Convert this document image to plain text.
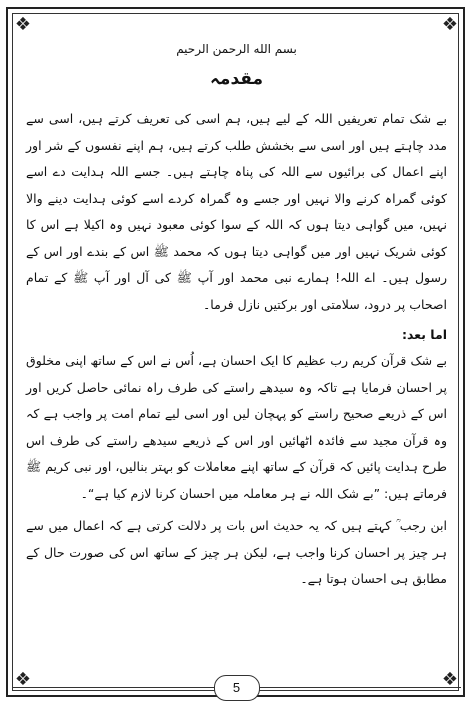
❖	❖
❖	❖

بسم الله الرحمن الرحیم

مقدمہ

بے شک تمام تعریفیں اللہ کے لیے ہیں، ہم اسی کی تعریف کرتے ہیں، اسی سے مدد چاہتے ہیں اور اسی سے بخشش طلب کرتے ہیں، ہم اپنے نفسوں کے شر اور اپنے اعمال کی برائیوں سے اللہ کی پناہ چاہتے ہیں۔ جسے اللہ ہدایت دے اسے کوئی گمراہ کرنے والا نہیں اور جسے وہ گمراہ کردے اسے کوئی ہدایت دینے والا نہیں، میں گواہی دیتا ہوں کہ اللہ کے سوا کوئی معبود نہیں وہ اکیلا ہے اس کا کوئی شریک نہیں اور میں گواہی دیتا ہوں کہ محمد ﷺ اس کے بندے اور اس کے رسول ہیں۔ اے اللہ! ہمارے نبی محمد اور آپ ﷺ کی آل اور آپ ﷺ کے تمام اصحاب پر درود، سلامتی اور برکتیں نازل فرما۔

اما بعد:

بے شک قرآن کریم رب عظیم کا ایک احسان ہے، اُس نے اس کے ساتھ اپنی مخلوق پر احسان فرمایا ہے تاکہ وہ سیدھے راستے کی طرف راہ نمائی حاصل کریں اور اس کے ذریعے صحیح راستے کو پہچان لیں اور اسی لیے تمام امت پر واجب ہے کہ وہ قرآن مجید سے فائدہ اٹھائیں اور اس کے ذریعے سیدھے راستے کی طرف اس طرح ہدایت پائیں کہ قرآن کے ساتھ اپنے معاملات کو بہتر بنالیں، اور نبی کریم ﷺ فرماتے ہیں: ”بے شک اللہ نے ہر معاملہ میں احسان کرنا لازم کیا ہے“۔

ابن رجب ؒ کہتے ہیں کہ یہ حدیث اس بات پر دلالت کرتی ہے کہ اعمال میں سے ہر چیز پر احسان کرنا واجب ہے، لیکن ہر چیز کے ساتھ اس کی صورت حال کے مطابق ہی احسان ہوتا ہے۔

5
